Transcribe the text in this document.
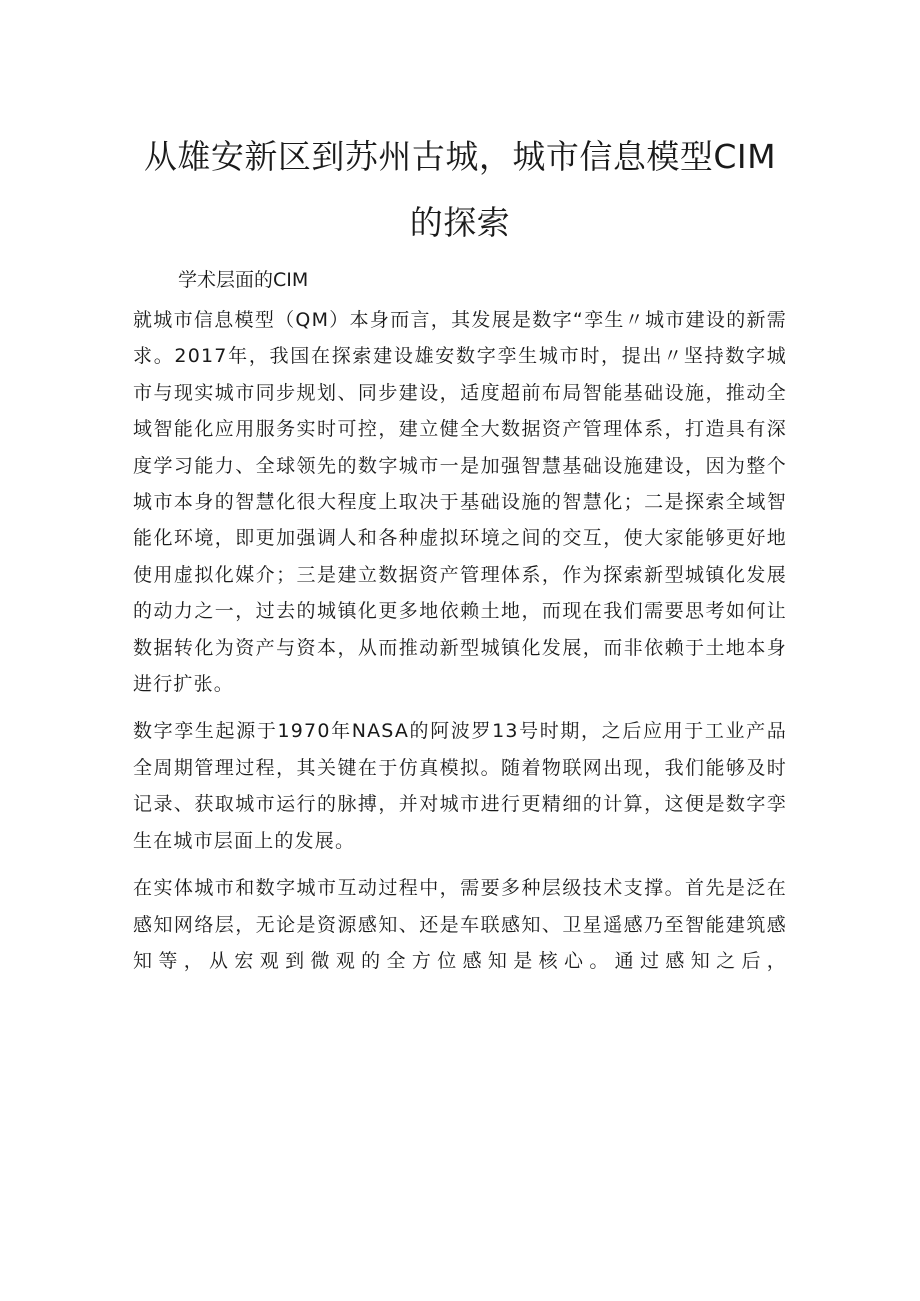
从雄安新区到苏州古城，城市信息模型CIM的探索

学术层面的CIM

就城市信息模型（QM）本身而言，其发展是数字“孪生〃城市建设的新需求。2017年，我国在探索建设雄安数字孪生城市时，提出〃坚持数字城市与现实城市同步规划、同步建设，适度超前布局智能基础设施，推动全域智能化应用服务实时可控，建立健全大数据资产管理体系，打造具有深度学习能力、全球领先的数字城市一是加强智慧基础设施建设，因为整个城市本身的智慧化很大程度上取决于基础设施的智慧化；二是探索全域智能化环境，即更加强调人和各种虚拟环境之间的交互，使大家能够更好地使用虚拟化媒介；三是建立数据资产管理体系，作为探索新型城镇化发展的动力之一，过去的城镇化更多地依赖土地，而现在我们需要思考如何让数据转化为资产与资本，从而推动新型城镇化发展，而非依赖于土地本身进行扩张。

数字孪生起源于1970年NASA的阿波罗13号时期，之后应用于工业产品全周期管理过程，其关键在于仿真模拟。随着物联网出现，我们能够及时记录、获取城市运行的脉搏，并对城市进行更精细的计算，这便是数字孪生在城市层面上的发展。

在实体城市和数字城市互动过程中，需要多种层级技术支撑。首先是泛在感知网络层，无论是资源感知、还是车联感知、卫星遥感乃至智能建筑感知等，从宏观到微观的全方位感知是核心。通过感知之后，
